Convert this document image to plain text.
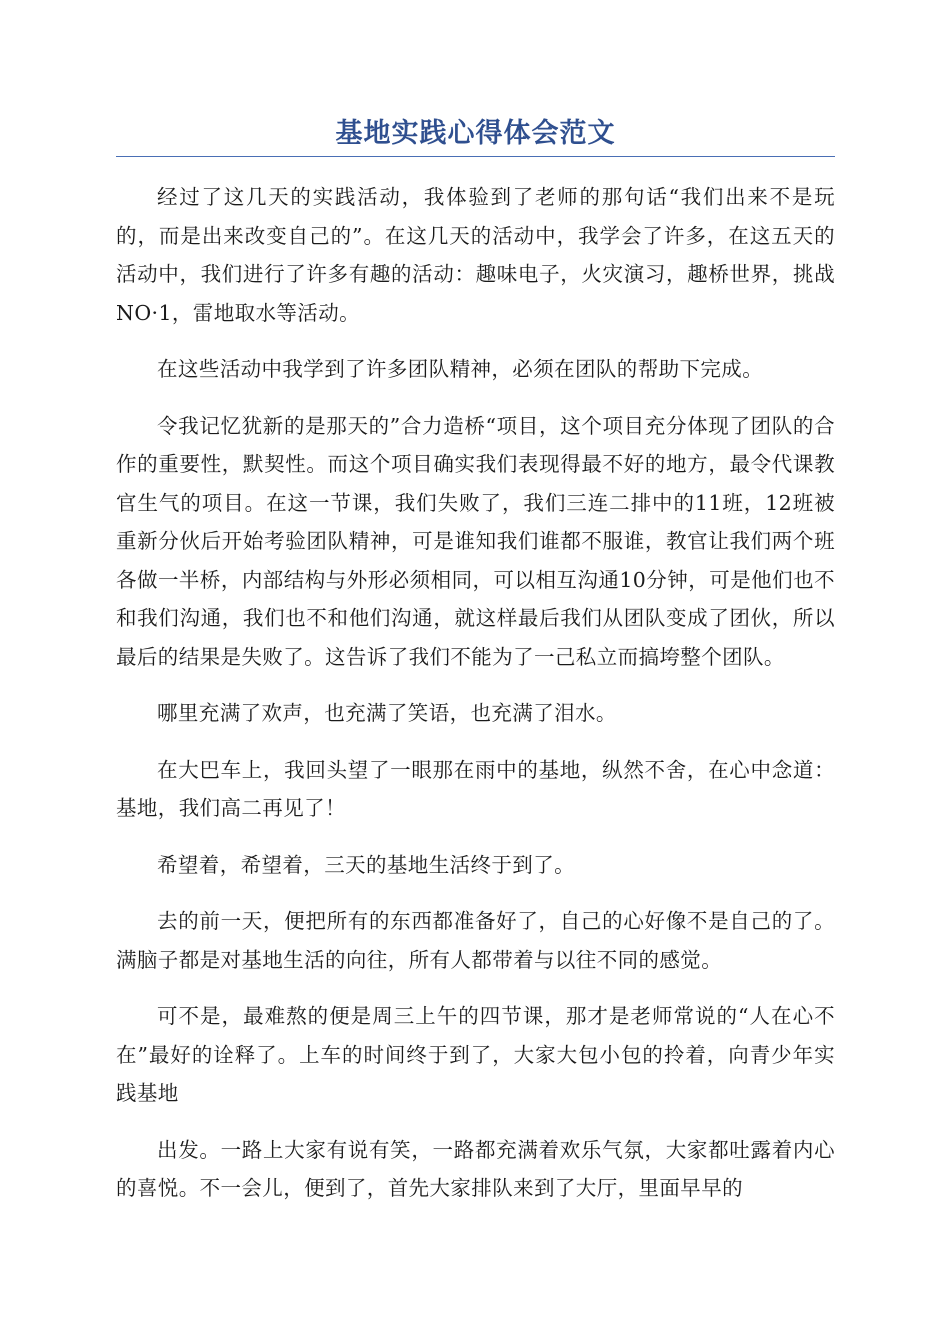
基地实践心得体会范文

经过了这几天的实践活动，我体验到了老师的那句话“我们出来不是玩的，而是出来改变自己的”。在这几天的活动中，我学会了许多，在这五天的活动中，我们进行了许多有趣的活动：趣味电子，火灾演习，趣桥世界，挑战NO·1，雷地取水等活动。

在这些活动中我学到了许多团队精神，必须在团队的帮助下完成。

令我记忆犹新的是那天的”合力造桥“项目，这个项目充分体现了团队的合作的重要性，默契性。而这个项目确实我们表现得最不好的地方，最令代课教官生气的项目。在这一节课，我们失败了，我们三连二排中的11班，12班被重新分伙后开始考验团队精神，可是谁知我们谁都不服谁，教官让我们两个班各做一半桥，内部结构与外形必须相同，可以相互沟通10分钟，可是他们也不和我们沟通，我们也不和他们沟通，就这样最后我们从团队变成了团伙，所以最后的结果是失败了。这告诉了我们不能为了一己私立而搞垮整个团队。

哪里充满了欢声，也充满了笑语，也充满了泪水。

在大巴车上，我回头望了一眼那在雨中的基地，纵然不舍，在心中念道：基地，我们高二再见了！

希望着，希望着，三天的基地生活终于到了。

去的前一天，便把所有的东西都准备好了，自己的心好像不是自己的了。满脑子都是对基地生活的向往，所有人都带着与以往不同的感觉。

可不是，最难熬的便是周三上午的四节课，那才是老师常说的“人在心不在”最好的诠释了。上车的时间终于到了，大家大包小包的拎着，向青少年实践基地

出发。一路上大家有说有笑，一路都充满着欢乐气氛，大家都吐露着内心的喜悦。不一会儿，便到了，首先大家排队来到了大厅，里面早早的
